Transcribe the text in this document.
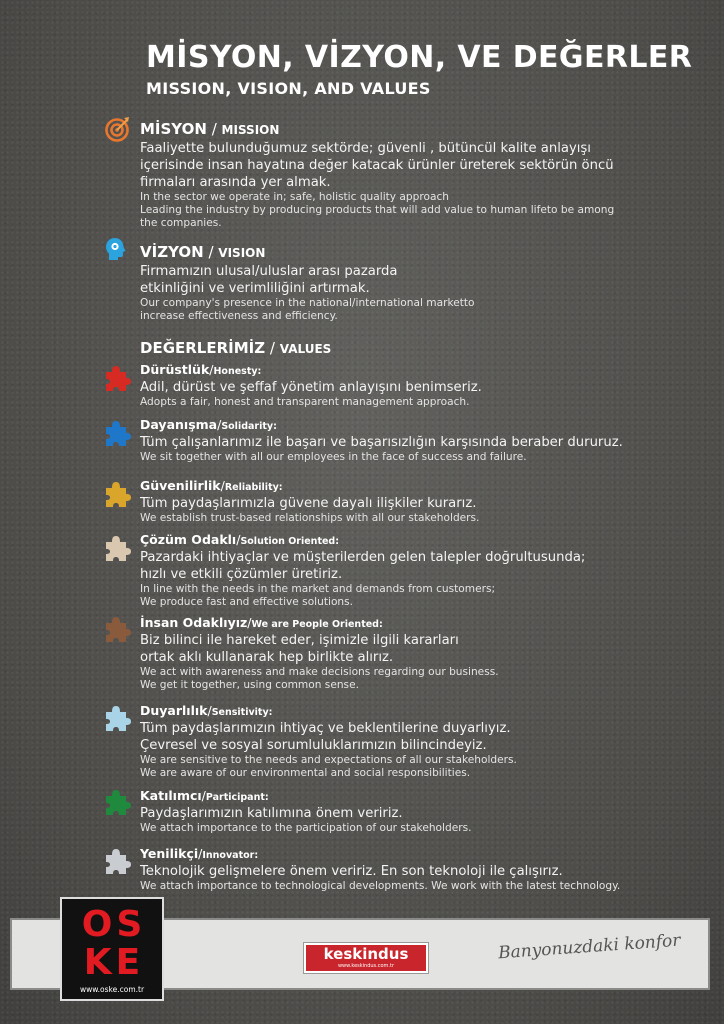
MİSYON, VİZYON, VE DEĞERLER
MISSION, VISION, AND VALUES
MİSYON / MISSION
Faaliyette bulunduğumuz sektörde; güvenli , bütüncül kalite anlayışı
içerisinde insan hayatına değer katacak ürünler üreterek sektörün öncü
firmaları arasında yer almak.
In the sector we operate in; safe, holistic quality approach
Leading the industry by producing products that will add value to human lifeto be among
the companies.
VİZYON / VISION
Firmamızın ulusal/uluslar arası pazarda
etkinliğini ve verimliliğini artırmak.
Our company's presence in the national/international marketto
increase effectiveness and efficiency.
DEĞERLERİMİZ / VALUES
Dürüstlük/Honesty:
Adil, dürüst ve şeffaf yönetim anlayışını benimseriz.
Adopts a fair, honest and transparent management approach.
Dayanışma/Solidarity:
Tüm çalışanlarımız ile başarı ve başarısızlığın karşısında beraber dururuz.
We sit together with all our employees in the face of success and failure.
Güvenilirlik/Reliability:
Tüm paydaşlarımızla güvene dayalı ilişkiler kurarız.
We establish trust-based relationships with all our stakeholders.
Çözüm Odaklı/Solution Oriented:
Pazardaki ihtiyaçlar ve müşterilerden gelen talepler doğrultusunda;
hızlı ve etkili çözümler üretiriz.
In line with the needs in the market and demands from customers;
We produce fast and effective solutions.
İnsan Odaklıyız/We are People Oriented:
Biz bilinci ile hareket eder, işimizle ilgili kararları
ortak aklı kullanarak hep birlikte alırız.
We act with awareness and make decisions regarding our business.
We get it together, using common sense.
Duyarlılık/Sensitivity:
Tüm paydaşlarımızın ihtiyaç ve beklentilerine duyarlıyız.
Çevresel ve sosyal sorumluluklarımızın bilincindeyiz.
We are sensitive to the needs and expectations of all our stakeholders.
We are aware of our environmental and social responsibilities.
Katılımcı/Participant:
Paydaşlarımızın katılımına önem veririz.
We attach importance to the participation of our stakeholders.
Yenilikçi/Innovator:
Teknolojik gelişmelere önem veririz. En son teknoloji ile çalışırız.
We attach importance to technological developments. We work with the latest technology.
O S
K E
www.oske.com.tr
keskindus
www.keskindus.com.tr
Banyonuzdaki konfor
